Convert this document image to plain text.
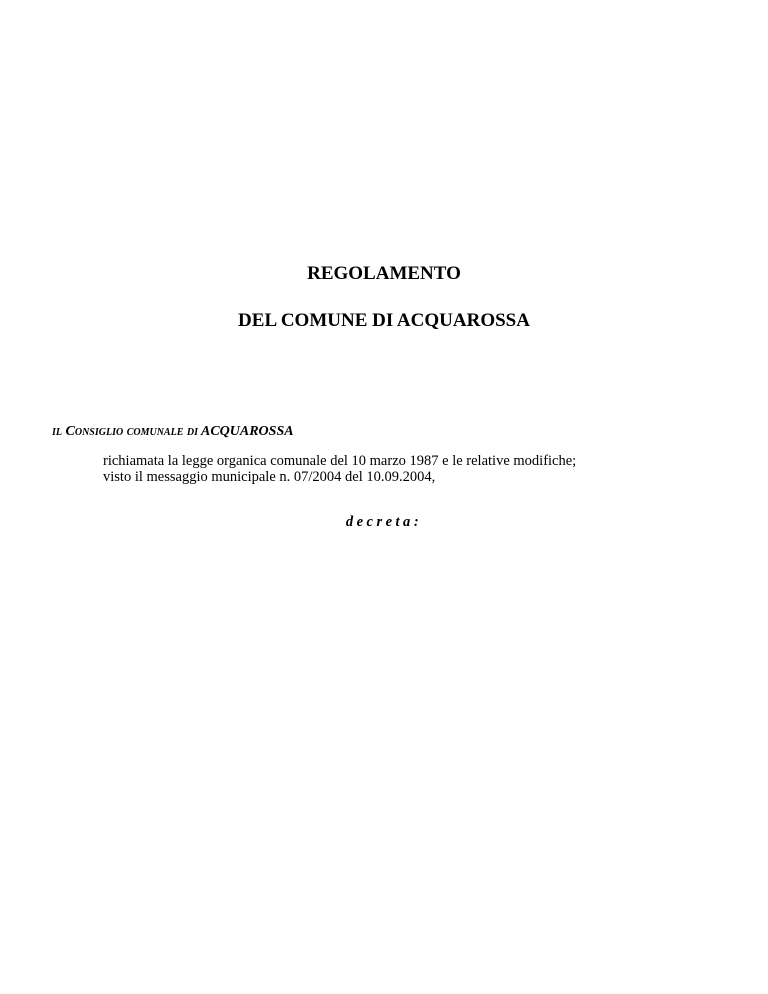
REGOLAMENTO
DEL COMUNE DI ACQUAROSSA
IL CONSIGLIO COMUNALE DI ACQUAROSSA
richiamata la legge organica comunale del 10 marzo 1987 e le relative modifiche;
visto il messaggio municipale n. 07/2004 del 10.09.2004,
decreta:
